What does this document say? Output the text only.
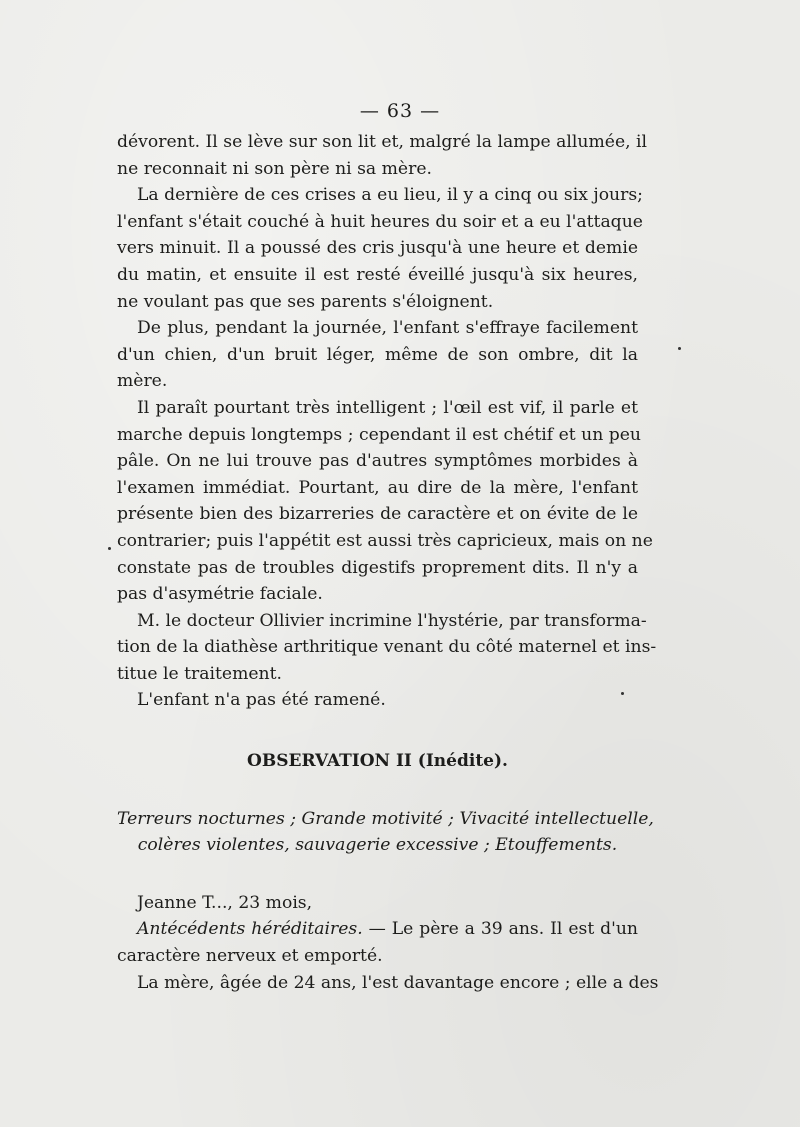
— 63 —
dévorent. Il se lève sur son lit et, malgré la lampe allumée, il
ne reconnait ni son père ni sa mère.
La dernière de ces crises a eu lieu, il y a cinq ou six jours;
l'enfant s'était couché à huit heures du soir et a eu l'attaque
vers minuit. Il a poussé des cris jusqu'à une heure et demie
du matin, et ensuite il est resté éveillé jusqu'à six heures,
ne voulant pas que ses parents s'éloignent.
De plus, pendant la journée, l'enfant s'effraye facilement
d'un chien, d'un bruit léger, même de son ombre, dit la
mère.
Il paraît pourtant très intelligent ; l'œil est vif, il parle et
marche depuis longtemps ; cependant il est chétif et un peu
pâle. On ne lui trouve pas d'autres symptômes morbides à
l'examen immédiat. Pourtant, au dire de la mère, l'enfant
présente bien des bizarreries de caractère et on évite de le
contrarier; puis l'appétit est aussi très capricieux, mais on ne
constate pas de troubles digestifs proprement dits. Il n'y a
pas d'asymétrie faciale.
M. le docteur Ollivier incrimine l'hystérie, par transforma-
tion de la diathèse arthritique venant du côté maternel et ins-
titue le traitement.
L'enfant n'a pas été ramené.
OBSERVATION II (Inédite).
Terreurs nocturnes ; Grande motivité ; Vivacité intellectuelle,
colères violentes, sauvagerie excessive ; Etouffements.
Jeanne T..., 23 mois,
Antécédents héréditaires. — Le père a 39 ans. Il est d'un
caractère nerveux et emporté.
La mère, âgée de 24 ans, l'est davantage encore ; elle a des
